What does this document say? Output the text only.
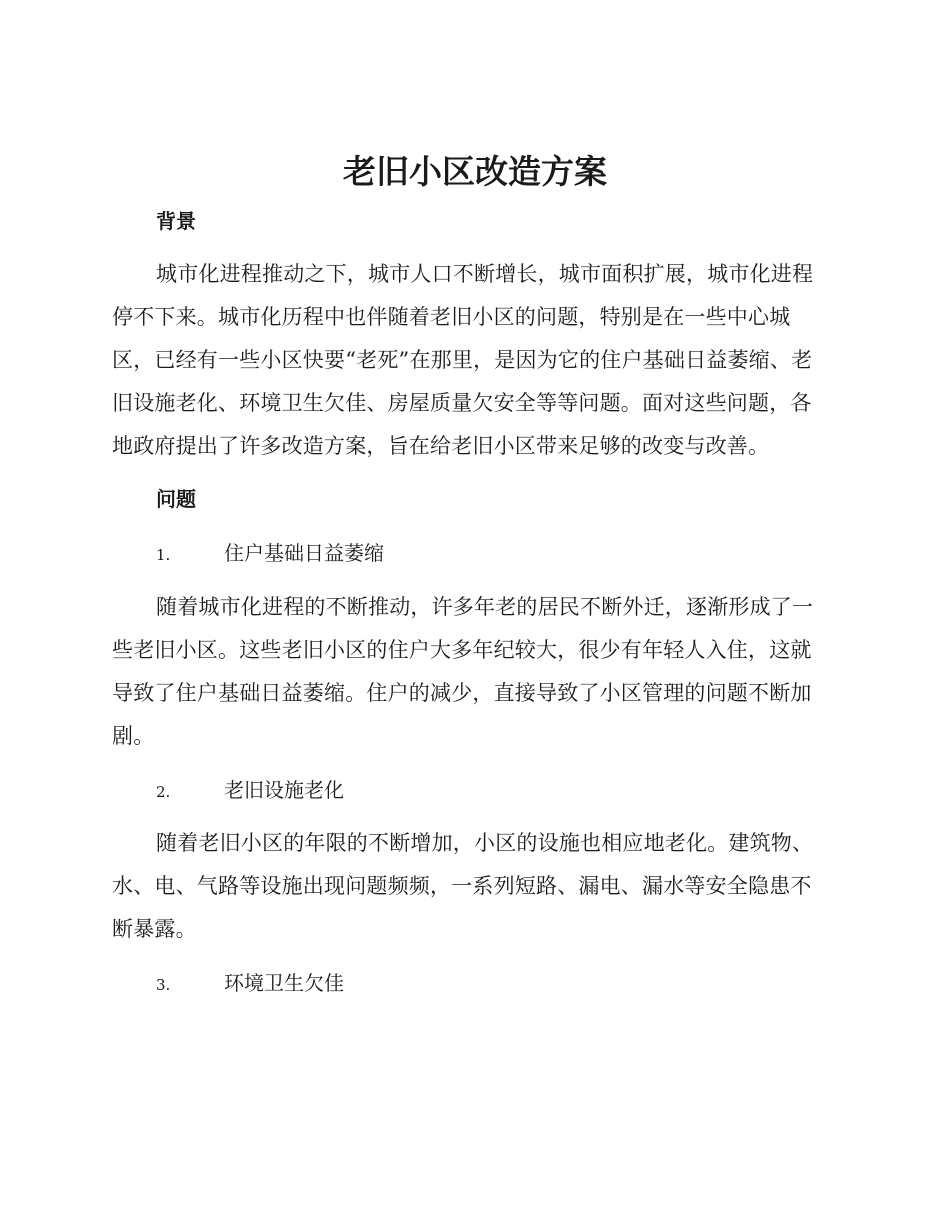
老旧小区改造方案
背景

城市化进程推动之下，城市人口不断增长，城市面积扩展，城市化进程停不下来。城市化历程中也伴随着老旧小区的问题，特别是在一些中心城区，已经有一些小区快要“老死”在那里，是因为它的住户基础日益萎缩、老旧设施老化、环境卫生欠佳、房屋质量欠安全等等问题。面对这些问题，各地政府提出了许多改造方案，旨在给老旧小区带来足够的改变与改善。

问题
1.	住户基础日益萎缩

随着城市化进程的不断推动，许多年老的居民不断外迁，逐渐形成了一些老旧小区。这些老旧小区的住户大多年纪较大，很少有年轻人入住，这就导致了住户基础日益萎缩。住户的减少，直接导致了小区管理的问题不断加剧。

2.	老旧设施老化

随着老旧小区的年限的不断增加，小区的设施也相应地老化。建筑物、水、电、气路等设施出现问题频频，一系列短路、漏电、漏水等安全隐患不断暴露。

3.	环境卫生欠佳
